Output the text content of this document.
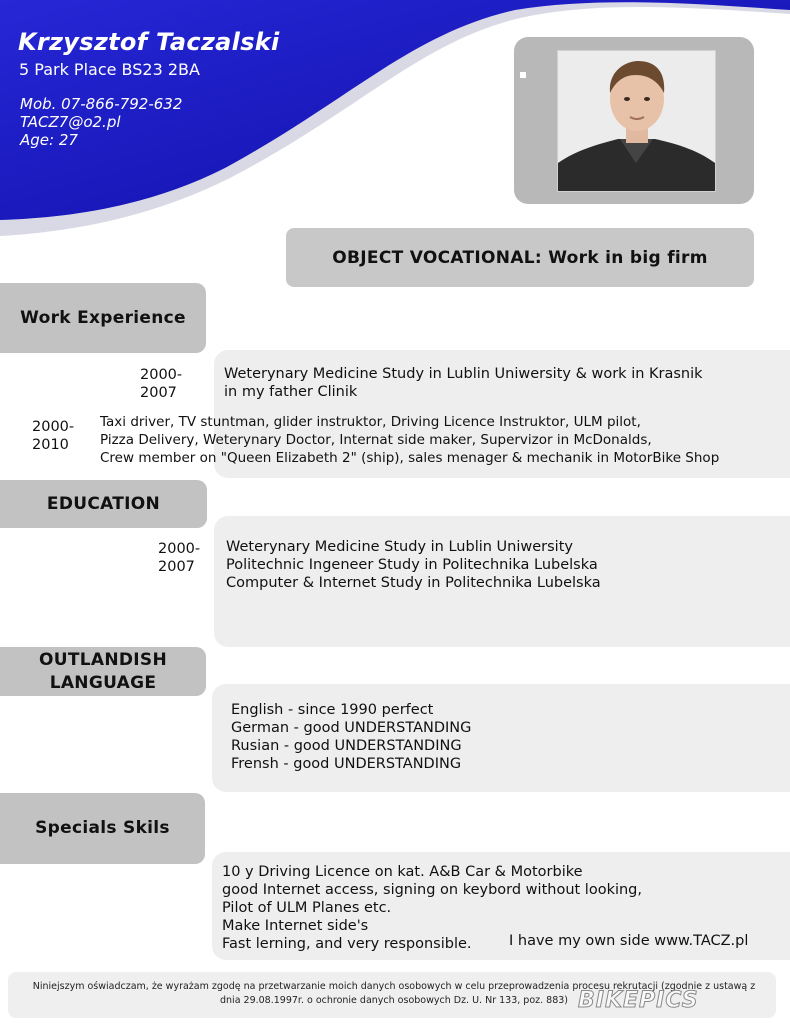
Krzysztof Taczalski
5 Park Place BS23 2BA
Mob. 07-866-792-632
TACZ7@o2.pl
Age: 27
OBJECT VOCATIONAL: Work in big firm
Work Experience
2000-
2007
Weterynary Medicine Study in Lublin Uniwersity & work in Krasnik
in my father Clinik
2000-
2010
Taxi driver, TV stuntman, glider instruktor, Driving Licence Instruktor, ULM pilot,
Pizza Delivery, Weterynary Doctor, Internat side maker, Supervizor in McDonalds,
Crew member on "Queen Elizabeth 2" (ship), sales menager & mechanik in MotorBike Shop
EDUCATION
2000-
2007
Weterynary Medicine Study in Lublin Uniwersity
Politechnic Ingeneer Study in Politechnika Lubelska
Computer & Internet Study in Politechnika Lubelska
OUTLANDISH
LANGUAGE
English - since 1990 perfect
German - good UNDERSTANDING
Rusian - good UNDERSTANDING
Frensh - good UNDERSTANDING
Specials Skils
10 y Driving Licence on kat. A&B Car & Motorbike
good Internet access, signing on keybord without looking,
Pilot of ULM Planes etc.
Make Internet side's
Fast lerning, and very responsible.	I have my own side www.TACZ.pl
Niniejszym oświadczam, że wyrażam zgodę na przetwarzanie moich danych osobowych w celu przeprowadzenia procesu rekrutacji (zgodnie z ustawą z
dnia 29.08.1997r. o ochronie danych osobowych Dz. U. Nr 133, poz. 883) BIKEPICS
